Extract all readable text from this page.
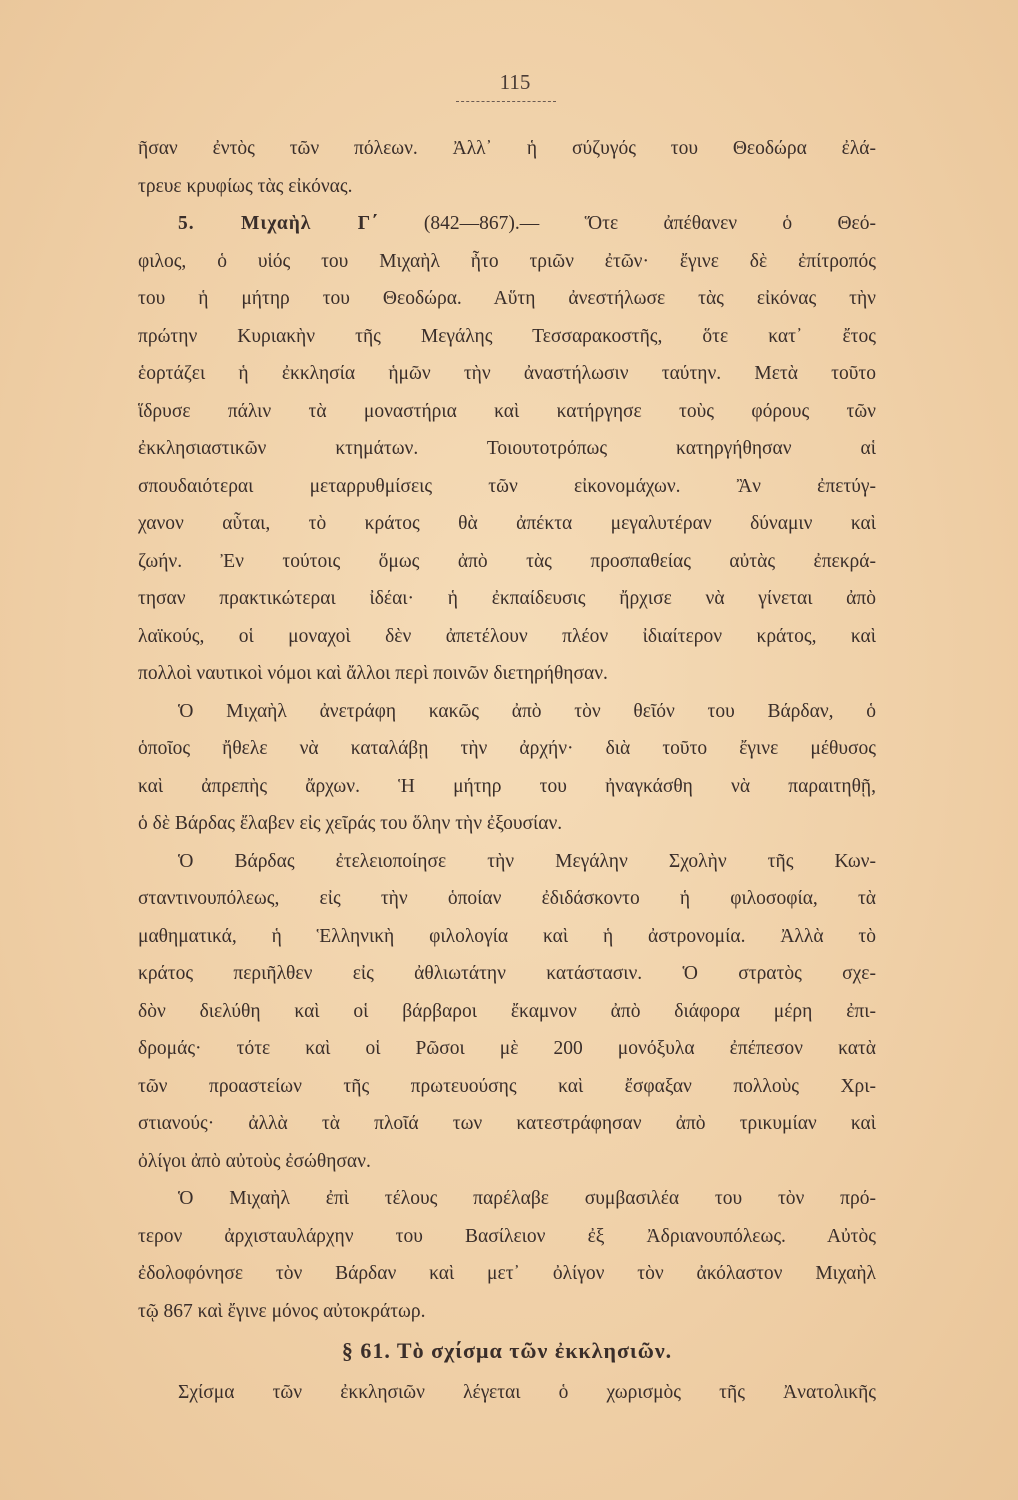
115
ῆσαν ἐντὸς τῶν πόλεων. Ἀλλ᾽ ἡ σύζυγός του Θεοδώρα ἐλά-
τρευε κρυφίως τὰς εἰκόνας.
5. Μιχαὴλ Γ΄ (842—867).— Ὅτε ἀπέθανεν ὁ Θεό-
φιλος, ὁ υἱός του Μιχαὴλ ἦτο τριῶν ἐτῶν· ἔγινε δὲ ἐπίτροπός
του ἡ μήτηρ του Θεοδώρα. Αὕτη ἀνεστήλωσε τὰς εἰκόνας τὴν
πρώτην Κυριακὴν τῆς Μεγάλης Τεσσαρακοστῆς, ὅτε κατ᾽ ἔτος
ἑορτάζει ἡ ἐκκλησία ἡμῶν τὴν ἀναστήλωσιν ταύτην. Μετὰ τοῦτο
ἵδρυσε πάλιν τὰ μοναστήρια καὶ κατήργησε τοὺς φόρους τῶν
ἐκκλησιαστικῶν κτημάτων. Τοιουτοτρόπως κατηργήθησαν αἱ
σπουδαιότεραι μεταρρυθμίσεις τῶν εἰκονομάχων. Ἂν ἐπετύγ-
χανον αὗται, τὸ κράτος θὰ ἀπέκτα μεγαλυτέραν δύναμιν καὶ
ζωήν. Ἐν τούτοις ὅμως ἀπὸ τὰς προσπαθείας αὐτὰς ἐπεκρά-
τησαν πρακτικώτεραι ἰδέαι· ἡ ἐκπαίδευσις ἤρχισε νὰ γίνεται ἀπὸ
λαϊκούς, οἱ μοναχοὶ δὲν ἀπετέλουν πλέον ἰδιαίτερον κράτος, καὶ
πολλοὶ ναυτικοὶ νόμοι καὶ ἄλλοι περὶ ποινῶν διετηρήθησαν.
Ὁ Μιχαὴλ ἀνετράφη κακῶς ἀπὸ τὸν θεῖόν του Βάρδαν, ὁ
ὁποῖος ἤθελε νὰ καταλάβῃ τὴν ἀρχήν· διὰ τοῦτο ἔγινε μέθυσος
καὶ ἀπρεπὴς ἄρχων. Ἡ μήτηρ του ἠναγκάσθη νὰ παραιτηθῇ,
ὁ δὲ Βάρδας ἔλαβεν εἰς χεῖράς του ὅλην τὴν ἐξουσίαν.
Ὁ Βάρδας ἐτελειοποίησε τὴν Μεγάλην Σχολὴν τῆς Κων-
σταντινουπόλεως, εἰς τὴν ὁποίαν ἐδιδάσκοντο ἡ φιλοσοφία, τὰ
μαθηματικά, ἡ Ἑλληνικὴ φιλολογία καὶ ἡ ἀστρονομία. Ἀλλὰ τὸ
κράτος περιῆλθεν εἰς ἀθλιωτάτην κατάστασιν. Ὁ στρατὸς σχε-
δὸν διελύθη καὶ οἱ βάρβαροι ἔκαμνον ἀπὸ διάφορα μέρη ἐπι-
δρομάς· τότε καὶ οἱ Ρῶσοι μὲ 200 μονόξυλα ἐπέπεσον κατὰ
τῶν προαστείων τῆς πρωτευούσης καὶ ἔσφαξαν πολλοὺς Χρι-
στιανούς· ἀλλὰ τὰ πλοῖά των κατεστράφησαν ἀπὸ τρικυμίαν καὶ
ὀλίγοι ἀπὸ αὐτοὺς ἐσώθησαν.
Ὁ Μιχαὴλ ἐπὶ τέλους παρέλαβε συμβασιλέα του τὸν πρό-
τερον ἀρχισταυλάρχην του Βασίλειον ἐξ Ἀδριανουπόλεως. Αὐτὸς
ἐδολοφόνησε τὸν Βάρδαν καὶ μετ᾽ ὀλίγον τὸν ἀκόλαστον Μιχαὴλ
τῷ 867 καὶ ἔγινε μόνος αὐτοκράτωρ.
§ 61. Τὸ σχίσμα τῶν ἐκκλησιῶν.
Σχίσμα τῶν ἐκκλησιῶν λέγεται ὁ χωρισμὸς τῆς Ἀνατολικῆς
